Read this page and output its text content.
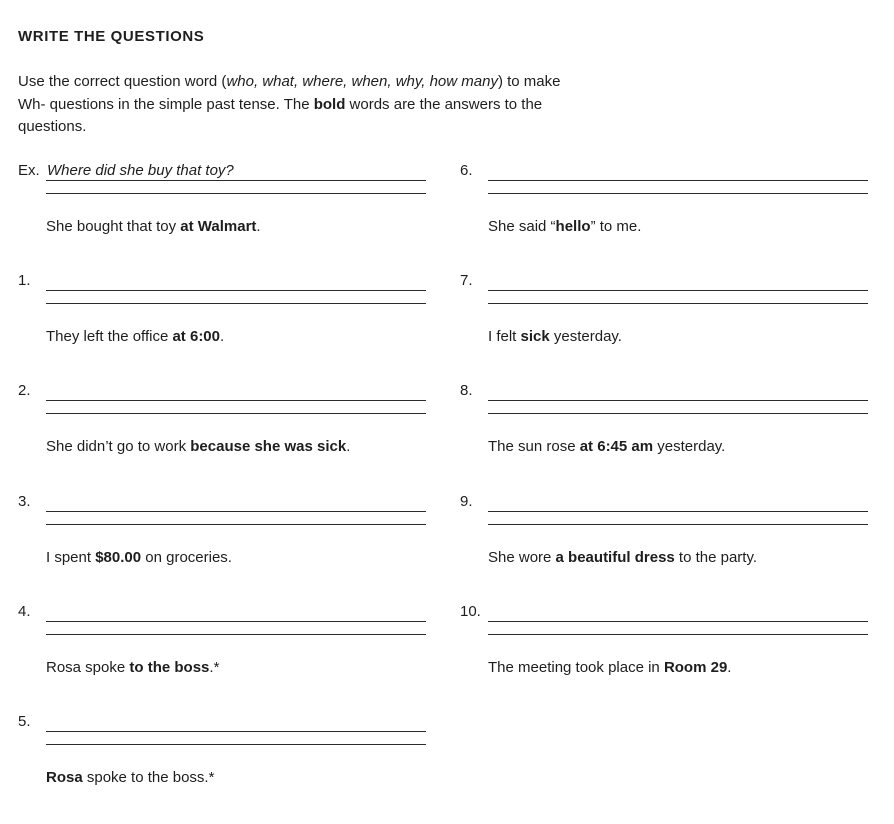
WRITE THE QUESTIONS

Use the correct question word (who, what, where, when, why, how many) to make Wh- questions in the simple past tense. The bold words are the answers to the questions.

Ex. Where did she buy that toy?
She bought that toy at Walmart.
1.
They left the office at 6:00.
2.
She didn’t go to work because she was sick.
3.
I spent $80.00 on groceries.
4.
Rosa spoke to the boss.*
5.
Rosa spoke to the boss.*
6.
She said “hello” to me.
7.
I felt sick yesterday.
8.
The sun rose at 6:45 am yesterday.
9.
She wore a beautiful dress to the party.
10.
The meeting took place in Room 29.
